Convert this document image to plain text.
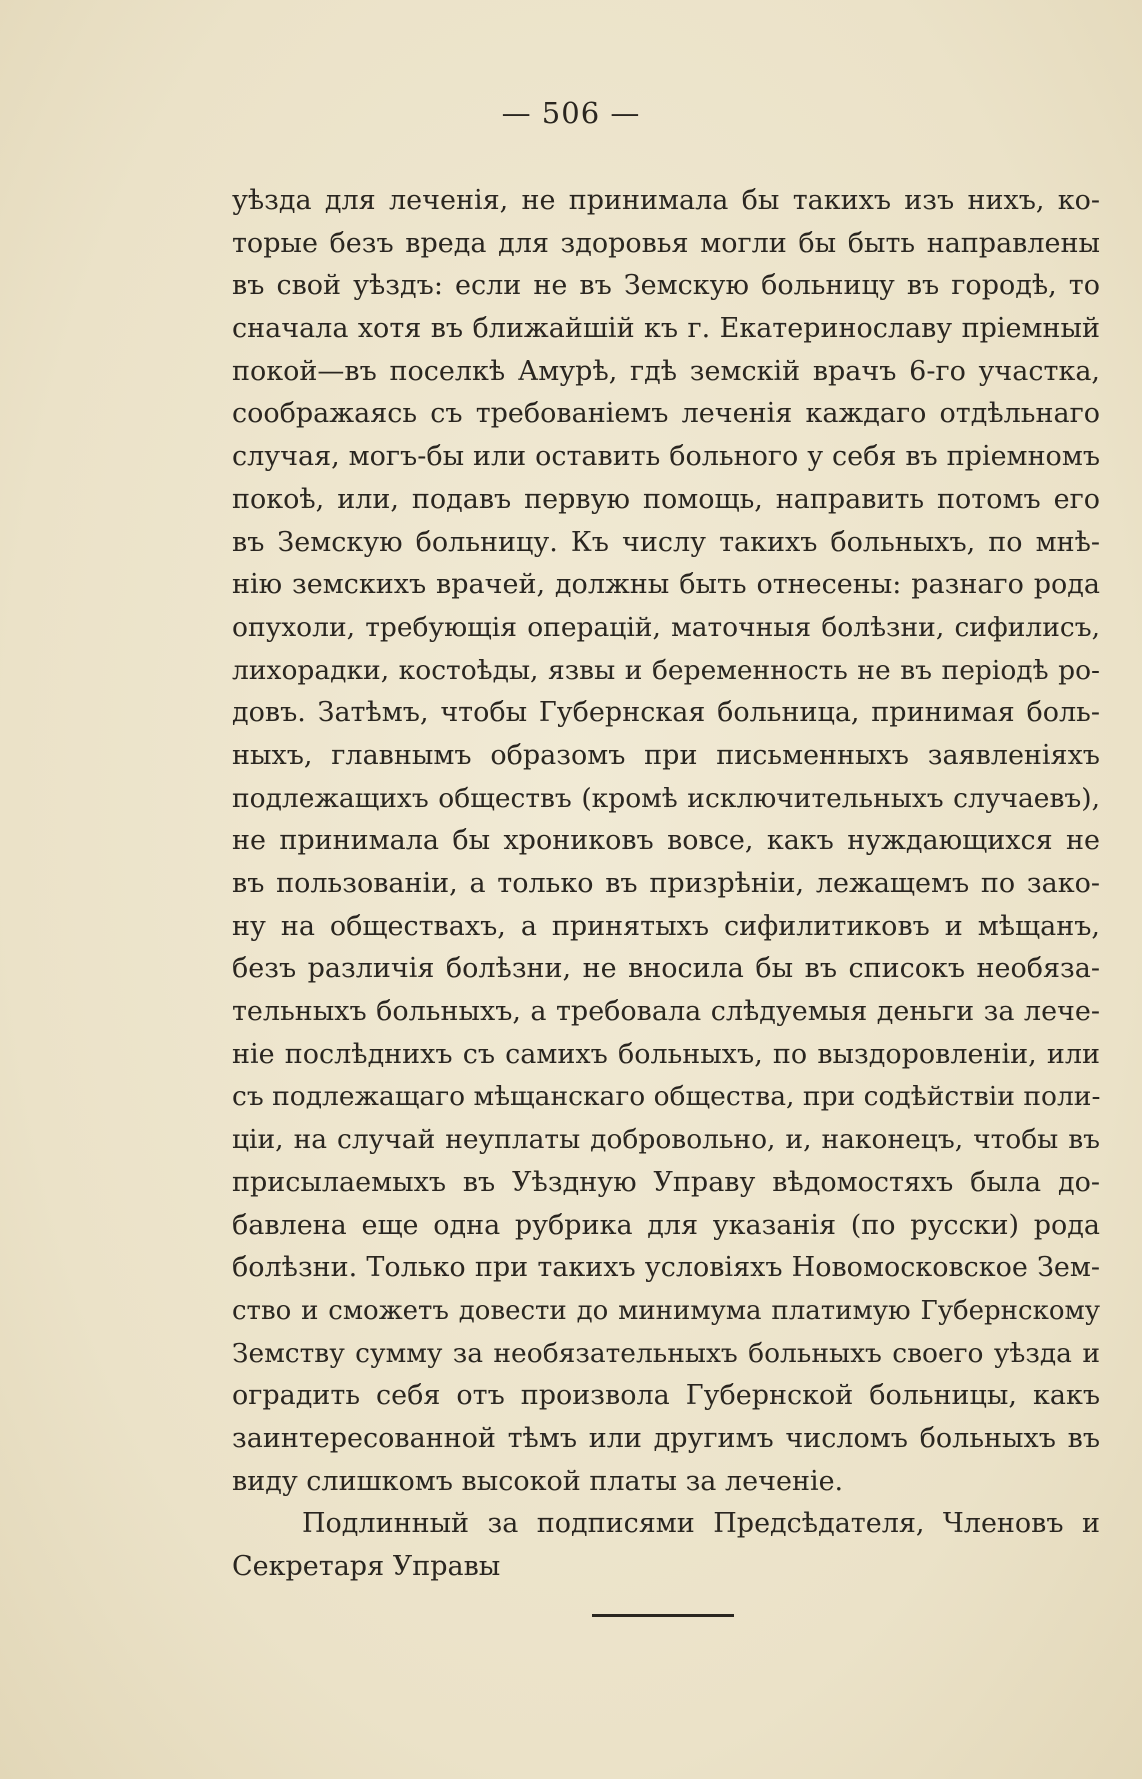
— 506 —
уѣзда для леченія, не принимала бы такихъ изъ нихъ, ко-
торые безъ вреда для здоровья могли бы быть направлены
въ свой уѣздъ: если не въ Земскую больницу въ городѣ, то
сначала хотя въ ближайшій къ г. Екатеринославу пріемный
покой—въ поселкѣ Амурѣ, гдѣ земскій врачъ 6-го участка,
соображаясь съ требованіемъ леченія каждаго отдѣльнаго
случая, могъ-бы или оставить больного у себя въ пріемномъ
покоѣ, или, подавъ первую помощь, направить потомъ его
въ Земскую больницу. Къ числу такихъ больныхъ, по мнѣ-
нію земскихъ врачей, должны быть отнесены: разнаго рода
опухоли, требующія операцій, маточныя болѣзни, сифилисъ,
лихорадки, костоѣды, язвы и беременность не въ періодѣ ро-
довъ. Затѣмъ, чтобы Губернская больница, принимая боль-
ныхъ, главнымъ образомъ при письменныхъ заявленіяхъ
подлежащихъ обществъ (кромѣ исключительныхъ случаевъ),
не принимала бы хрониковъ вовсе, какъ нуждающихся не
въ пользованіи, а только въ призрѣніи, лежащемъ по зако-
ну на обществахъ, а принятыхъ сифилитиковъ и мѣщанъ,
безъ различія болѣзни, не вносила бы въ списокъ необяза-
тельныхъ больныхъ, а требовала слѣдуемыя деньги за лече-
ніе послѣднихъ съ самихъ больныхъ, по выздоровленіи, или
съ подлежащаго мѣщанскаго общества, при содѣйствіи поли-
ціи, на случай неуплаты добровольно, и, наконецъ, чтобы въ
присылаемыхъ въ Уѣздную Управу вѣдомостяхъ была до-
бавлена еще одна рубрика для указанія (по русски) рода
болѣзни. Только при такихъ условіяхъ Новомосковское Зем-
ство и сможетъ довести до минимума платимую Губернскому
Земству сумму за необязательныхъ больныхъ своего уѣзда и
оградить себя отъ произвола Губернской больницы, какъ
заинтересованной тѣмъ или другимъ числомъ больныхъ въ
виду слишкомъ высокой платы за леченіе.
Подлинный за подписями Предсѣдателя, Членовъ и
Секретаря Управы
